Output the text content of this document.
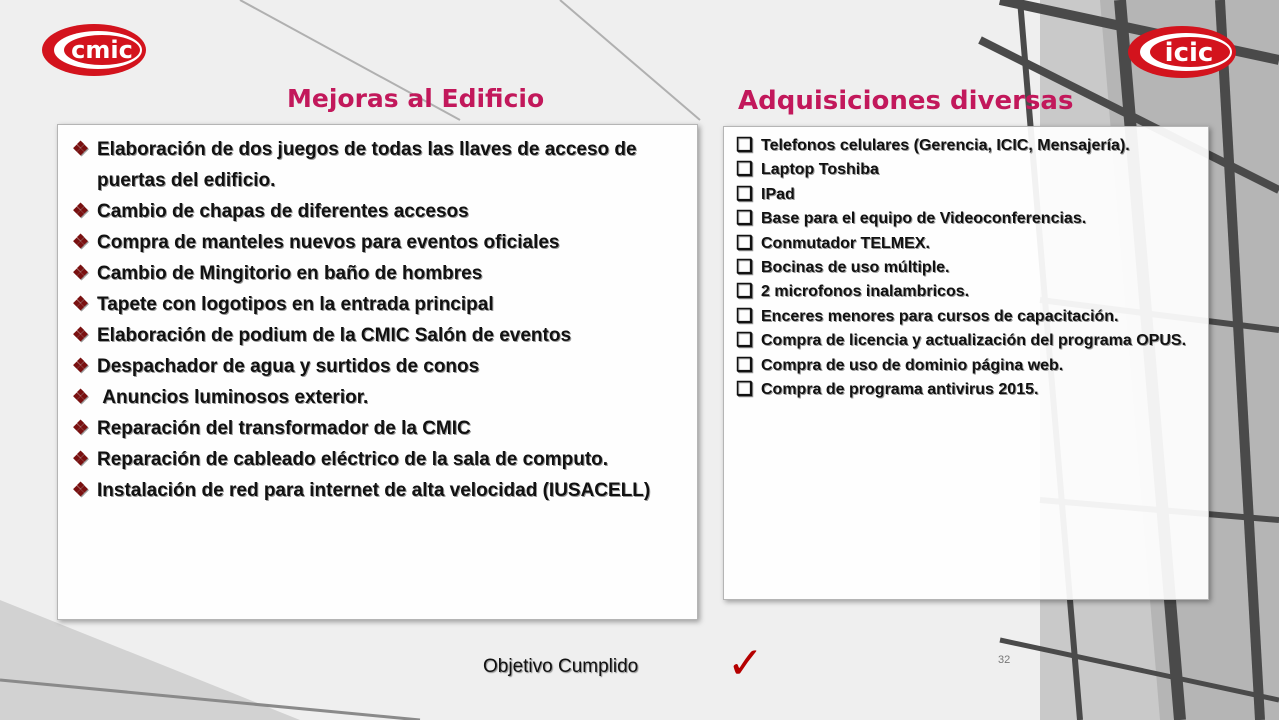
cmic	icic
Mejoras al Edificio	Adquisiciones diversas
❖ Elaboración de dos juegos de todas las llaves de acceso de puertas del edificio.
❖ Cambio de chapas de diferentes accesos
❖ Compra de manteles nuevos para eventos oficiales
❖ Cambio de Mingitorio en baño de hombres
❖ Tapete con logotipos en la entrada principal
❖ Elaboración de podium de la CMIC Salón de eventos
❖ Despachador de agua y surtidos de conos
❖ Anuncios luminosos exterior.
❖ Reparación del transformador de la CMIC
❖ Reparación de cableado eléctrico de la sala de computo.
❖ Instalación de red para internet de alta velocidad (IUSACELL)
❑ Telefonos celulares (Gerencia, ICIC, Mensajería).
❑ Laptop Toshiba
❑ IPad
❑ Base para el equipo de Videoconferencias.
❑ Conmutador TELMEX.
❑ Bocinas de uso múltiple.
❑ 2 microfonos inalambricos.
❑ Enceres menores para cursos de capacitación.
❑ Compra de licencia y actualización del programa OPUS.
❑ Compra de uso de dominio página web.
❑ Compra de programa antivirus 2015.
Objetivo Cumplido ✓	32
